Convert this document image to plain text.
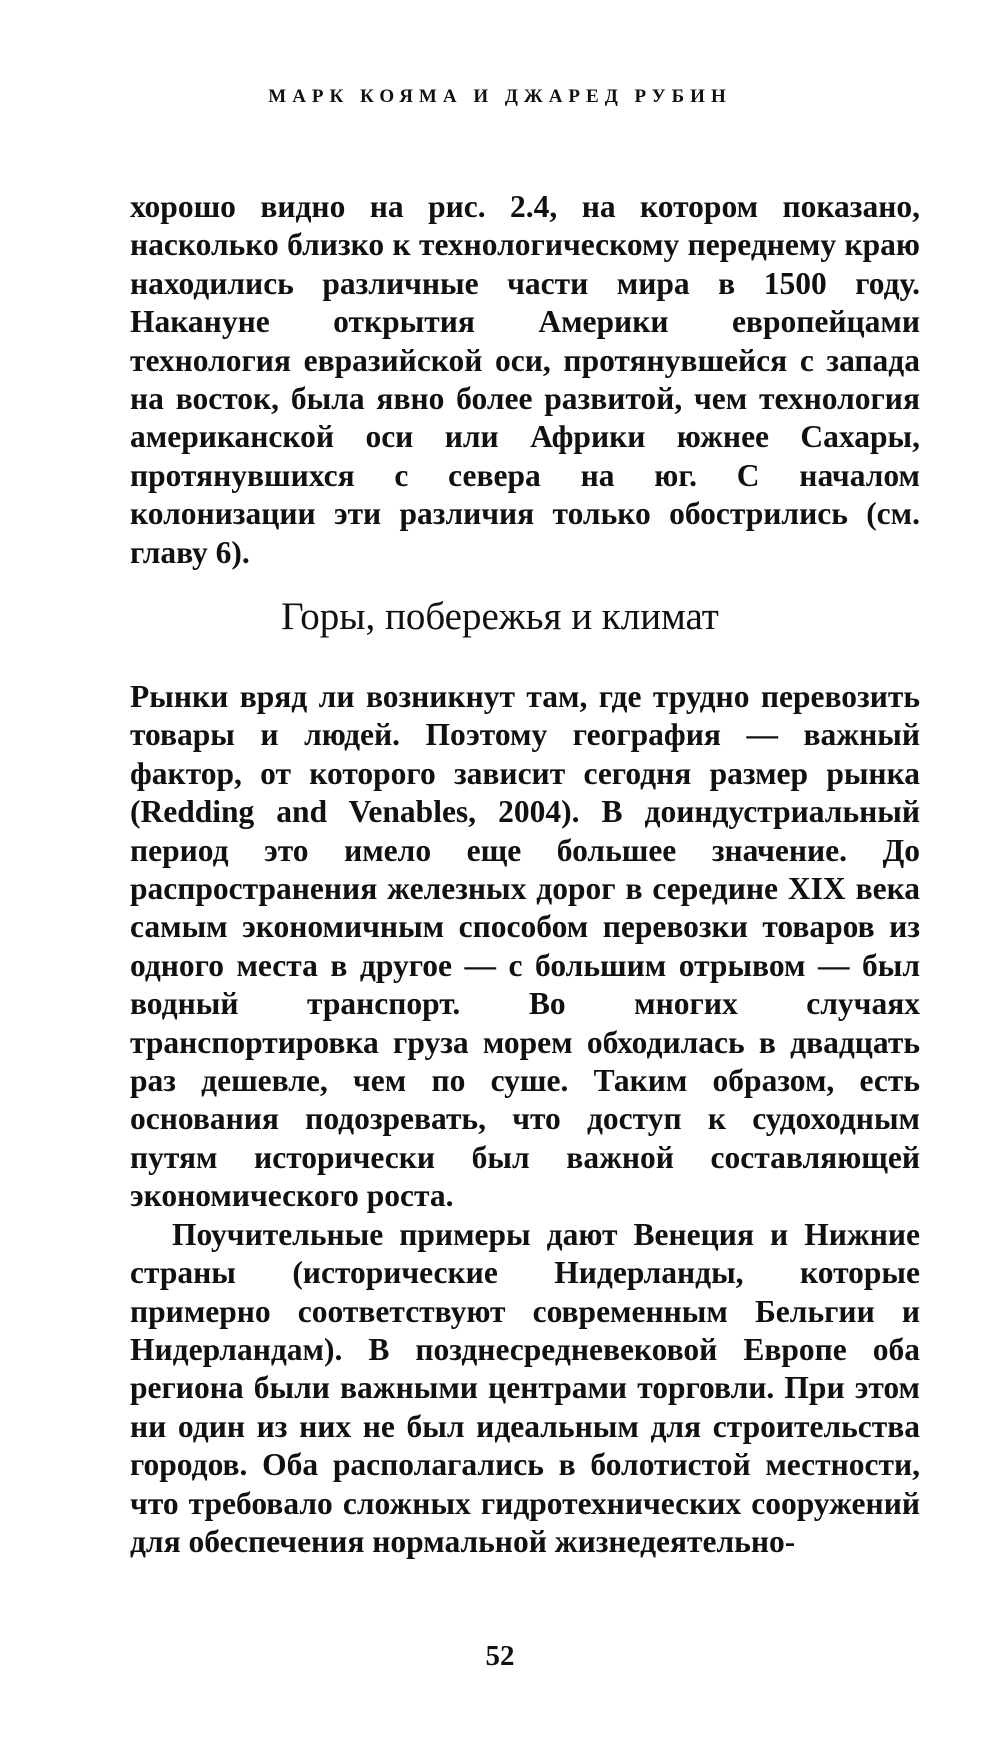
МАРК КОЯМА И ДЖАРЕД РУБИН

хорошо видно на рис. 2.4, на котором показано, насколько близко к технологическому переднему краю находились различные части мира в 1500 году. Накануне открытия Америки европейцами технология евразийской оси, протянувшейся с запада на восток, была явно более развитой, чем технология американской оси или Африки южнее Сахары, протянувшихся с севера на юг. С началом колонизации эти различия только обострились (см. главу 6).

Горы, побережья и климат

Рынки вряд ли возникнут там, где трудно перевозить товары и людей. Поэтому география — важный фактор, от которого зависит сегодня размер рынка (Redding and Venables, 2004). В доиндустриальный период это имело еще большее значение. До распространения железных дорог в середине XIX века самым экономичным способом перевозки товаров из одного места в другое — с большим отрывом — был водный транспорт. Во многих случаях транспортировка груза морем обходилась в двадцать раз дешевле, чем по суше. Таким образом, есть основания подозревать, что доступ к судоходным путям исторически был важной составляющей экономического роста.

Поучительные примеры дают Венеция и Нижние страны (исторические Нидерланды, которые примерно соответствуют современным Бельгии и Нидерландам). В позднесредневековой Европе оба региона были важными центрами торговли. При этом ни один из них не был идеальным для строительства городов. Оба располагались в болотистой местности, что требовало сложных гидротехнических сооружений для обеспечения нормальной жизнедеятельно-

52
